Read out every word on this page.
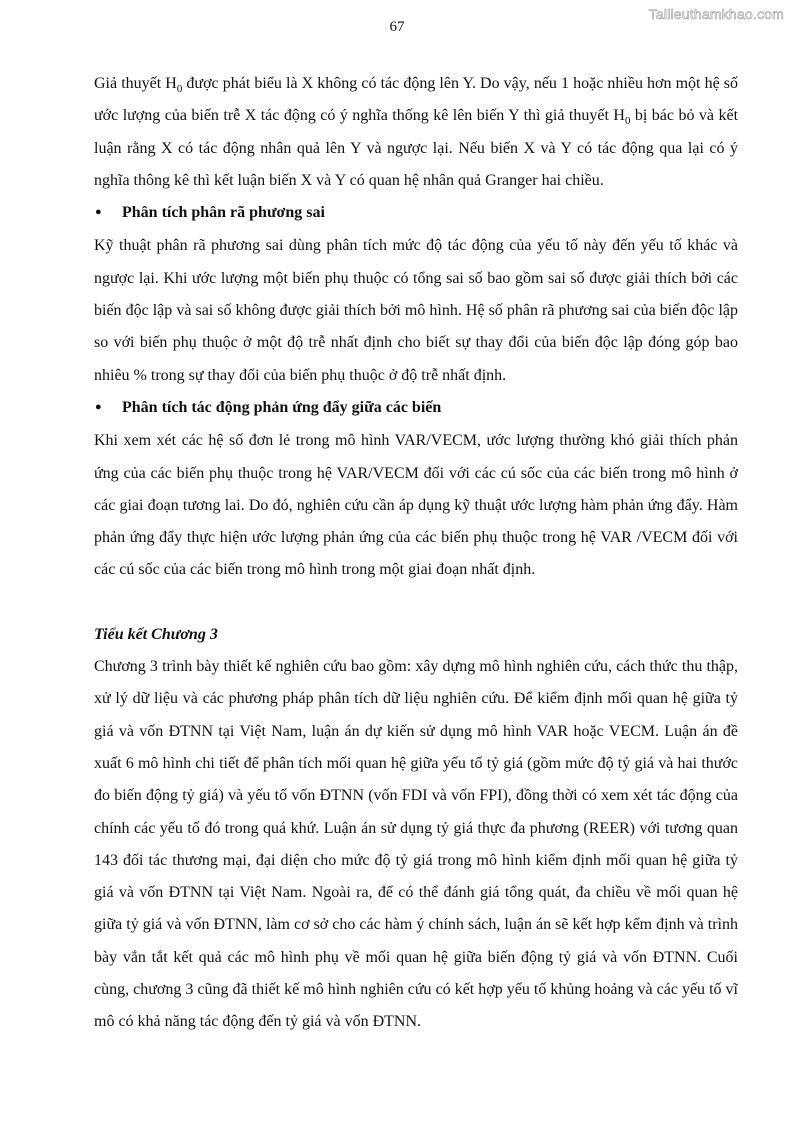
Tailieuthamkhao.com
67

Giả thuyết $H_0$ được phát biểu là X không có tác động lên Y. Do vậy, nếu 1 hoặc nhiều hơn một hệ số ước lượng của biến trễ X tác động có ý nghĩa thống kê lên biến Y thì giả thuyết $H_0$ bị bác bỏ và kết luận rằng X có tác động nhân quả lên Y và ngược lại. Nếu biến X và Y có tác động qua lại có ý nghĩa thông kê thì kết luận biến X và Y có quan hệ nhân quả Granger hai chiều.

●	Phân tích phân rã phương sai

Kỹ thuật phân rã phương sai dùng phân tích mức độ tác động của yếu tố này đến yếu tố khác và ngược lại. Khi ước lượng một biến phụ thuộc có tổng sai số bao gồm sai số được giải thích bởi các biến độc lập và sai số không được giải thích bởi mô hình. Hệ số phân rã phương sai của biến độc lập so với biến phụ thuộc ở một độ trễ nhất định cho biết sự thay đổi của biến độc lập đóng góp bao nhiêu % trong sự thay đổi của biến phụ thuộc ở độ trễ nhất định.

●	Phân tích tác động phản ứng đẩy giữa các biến

Khi xem xét các hệ số đơn lẻ trong mô hình VAR/VECM, ước lượng thường khó giải thích phản ứng của các biến phụ thuộc trong hệ VAR/VECM đối với các cú sốc của các biến trong mô hình ở các giai đoạn tương lai. Do đó, nghiên cứu cần áp dụng kỹ thuật ước lượng hàm phản ứng đẩy. Hàm phản ứng đẩy thực hiện ước lượng phản ứng của các biến phụ thuộc trong hệ VAR /VECM đối với các cú sốc của các biến trong mô hình trong một giai đoạn nhất định.

Tiểu kết Chương 3

Chương 3 trình bày thiết kế nghiên cứu bao gồm: xây dựng mô hình nghiên cứu, cách thức thu thập, xử lý dữ liệu và các phương pháp phân tích dữ liệu nghiên cứu. Để kiểm định mối quan hệ giữa tỷ giá và vốn ĐTNN tại Việt Nam, luận án dự kiến sử dụng mô hình VAR hoặc VECM. Luận án đề xuất 6 mô hình chi tiết để phân tích mối quan hệ giữa yếu tố tỷ giá (gồm mức độ tỷ giá và hai thước đo biến động tỷ giá) và yếu tố vốn ĐTNN (vốn FDI và vốn FPI), đồng thời có xem xét tác động của chính các yếu tố đó trong quá khứ. Luận án sử dụng tỷ giá thực đa phương (REER) với tương quan 143 đối tác thương mại, đại diện cho mức độ tỷ giá trong mô hình kiểm định mối quan hệ giữa tỷ giá và vốn ĐTNN tại Việt Nam. Ngoài ra, để có thể đánh giá tổng quát, đa chiều về mối quan hệ giữa tỷ giá và vốn ĐTNN, làm cơ sở cho các hàm ý chính sách, luận án sẽ kết hợp kểm định và trình bày vắn tắt kết quả các mô hình phụ về mối quan hệ giữa biến động tỷ giá và vốn ĐTNN. Cuối cùng, chương 3 cũng đã thiết kế mô hình nghiên cứu có kết hợp yếu tố khủng hoảng và các yếu tố vĩ mô có khả năng tác động đến tỷ giá và vốn ĐTNN.
